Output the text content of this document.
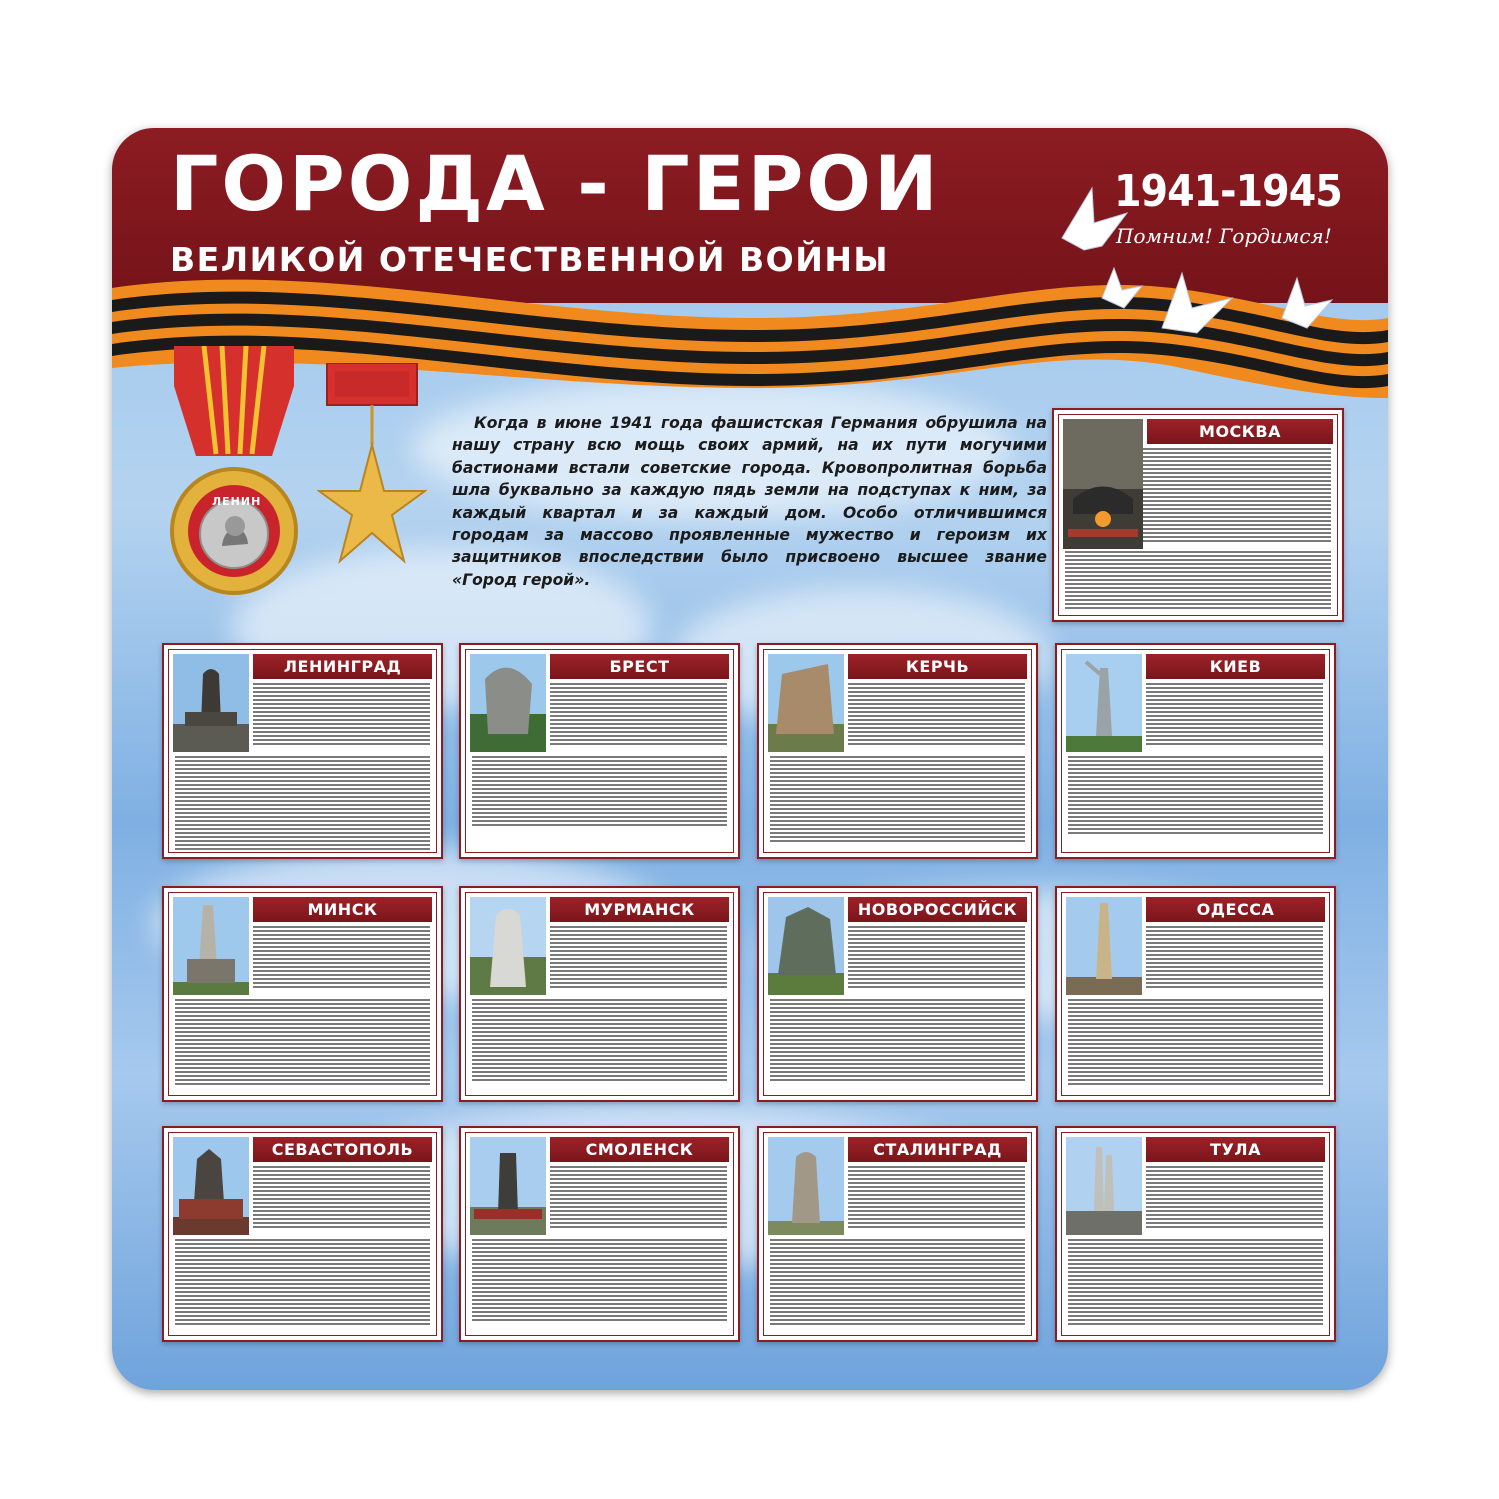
ГОРОДА - ГЕРОИ
ВЕЛИКОЙ ОТЕЧЕСТВЕННОЙ ВОЙНЫ
1941-1945
Помним! Гордимся!
ЛЕНИН

Когда в июне 1941 года фашистская Германия обрушила на нашу страну всю мощь своих армий, на их пути могучими бастионами встали советские города. Кровопролитная борьба шла буквально за каждую пядь земли на подступах к ним, за каждый квартал и за каждый дом. Особо отличившимся городам за массово проявленные мужество и героизм их защитников впоследствии было присвоено высшее звание «Город герой».

МОСКВА
ЛЕНИНГРАД	БРЕСТ	КЕРЧЬ	КИЕВ
МИНСК	МУРМАНСК	НОВОРОССИЙСК	ОДЕССА
СЕВАСТОПОЛЬ	СМОЛЕНСК	СТАЛИНГРАД	ТУЛА
